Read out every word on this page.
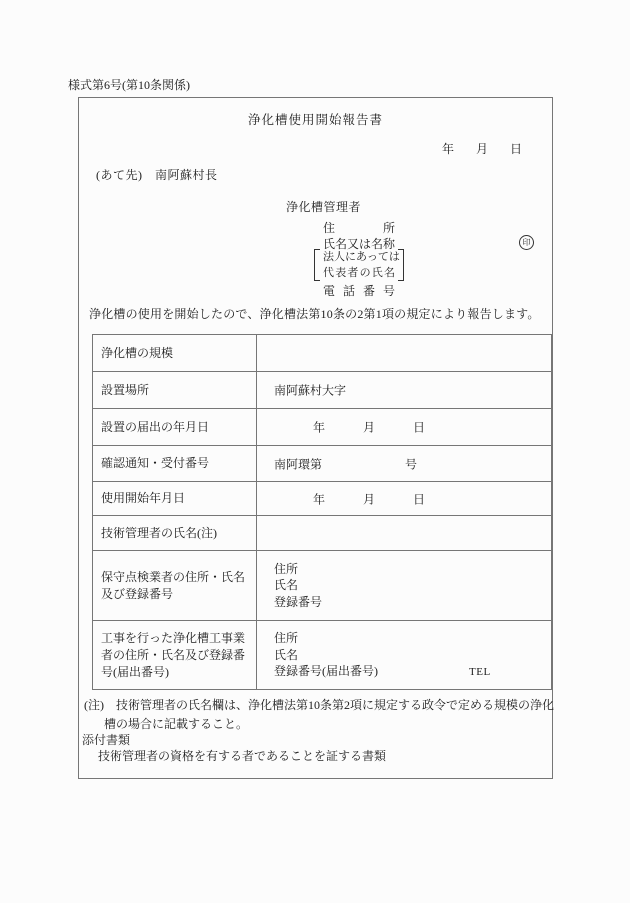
様式第6号(第10条関係)
浄化槽使用開始報告書
年　月　日
(あて先)　南阿蘇村長
浄化槽管理者
住所
氏名又は名称
法人にあっては
代表者の氏名
電話番号
印
浄化槽の使用を開始したので、浄化槽法第10条の2第1項の規定により報告します。
浄化槽の規模	

設置場所	南阿蘇村大字

設置の届出の年月日	年　月　日

確認通知・受付番号	南阿環第 号

使用開始年月日	年　月　日

技術管理者の氏名(注)	

保守点検業者の住所・氏名及び登録番号	住所
氏名
登録番号

工事を行った浄化槽工事業者の住所・氏名及び登録番号(届出番号)	住所
氏名
登録番号(届出番号) TEL
(注)　技術管理者の氏名欄は、浄化槽法第10条第2項に規定する政令で定める規模の浄化
槽の場合に記載すること。
添付書類
技術管理者の資格を有する者であることを証する書類
